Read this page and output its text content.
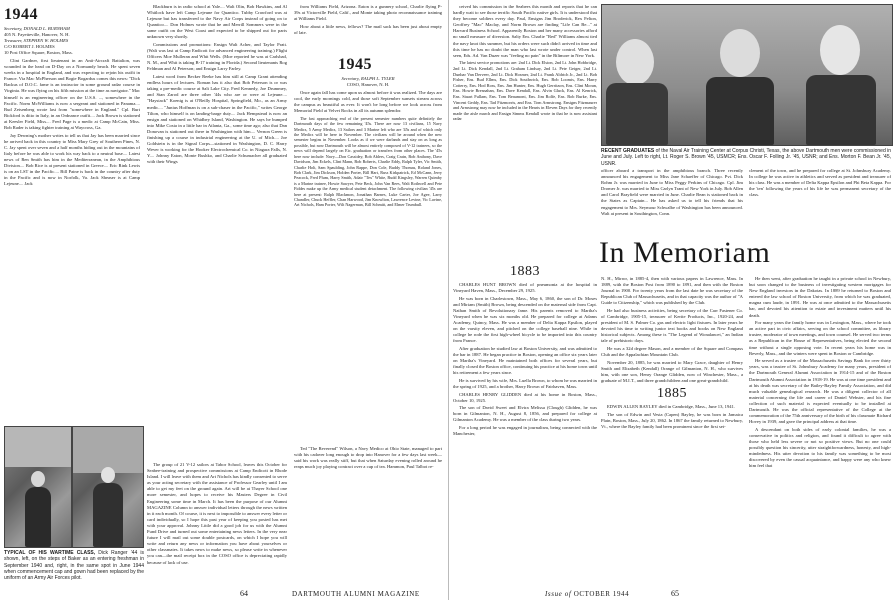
1944

Secretary, DONALD L. BURNHAM

405 N. Fayetteville, Hanover, N. H.

Treasurer, STEPHEN W. HOLMES

C/O ROBERT J. HOLMES

10 Post Office Square, Boston, Mass.

Clint Gardner, first lieutenant in an Anti-Aircraft Battalion, was wounded in the head on D-Day on a Normandy beach. He spent seven weeks in a hospital in England, and was expecting to rejoin his outfit in France. Via Mac McPherson and Bogie Bogardus comes this news: "Dick Backus of D.O.C. fame is an instructor in some ground radar course in Virginia. He was flying on his fifth mission at the time as navigator." Mac himself is an engineering officer on the U.S.S. ..., somewhere in the Pacific. Norm McWilliams is now a sergeant and stationed in Panama.... Bud Zeisenberg wrote last from "somewhere in England." Cpl. Burt Bickford is ditto in Italy, in an Ordnance outfit.... Jack Brown is stationed at Keesler Field, Miss.... Fred Page is a medic at Camp McCain, Miss. Bob Rader is taking fighter training at Waycross, Ga.

Jay Dewning's mother writes to tell us that Jay has been married since he arrived back in this country to Miss Mary Grey of Southern Pines, N. C. Jay spent over seven and a half months hiding out in the mountains of Italy before he was able to work his way back to a neutral base.... Latest news of Ren Smith has him in the Mediterranean, in the Amphibious Division.... Bob Rice is at present stationed in Greece.... Eric Rink Lewis is on an LST in the Pacific.... Bill Paine is back in the country after duty in the Pacific and is now in Norfolk, Va. Jack Sheaser is at Camp Lejeune.... Jack

Blackburn is in radio school at Yale.... Walt Olin, Bob Hawkins, and Al Whitlock have left Camp Lejeune for Quantico. Tubby Crawford was at Lejeune but has transferred to the Navy Air Corps instead of going on to Quantico.... Don Holmes wrote that he and Merrill Sommers were in the same outfit on the West Coast and expected to be shipped out for parts unknown very shortly.

Commissions and promotions: Ensign Walt Acher, and Taylor Pratt. (Walt was last at Camp Endicott for advanced engineering training.) Flight Officers Moe Mulleran and Whit Wells. (Moe reported he was at Carlsbad, N. M., and Whit is taking B-17 training in Florida.) Second lieutenants Rog Feldman and Al Peterson; and Ensign Larry Farley.

Latest word from Becker Reeke has him still at Camp Grant attending endless hours of lectures. Roman has it also that Bob Peterson is or was taking a pre-medic course at Salt Lake City. Fred Kennedy, Joe Drummey, and Stan Zarod are three other '44s who are or were at Lejeune.... "Haystack" Koenig is at O'Reilly Hospital, Springfield, Mo., as an Army medic.... "Junius Hoffman is on a sub-chaser in the Pacific," writes George Tilton, who himself is on landing-barge duty.... Jack Hempstead is now an ensign and stationed on Whidbey Island, Washington. He says he bumped into Mike Costa in a little bar in Atlanta, Ga., some time ago; also that Dan Donovan is stationed out there in Washington with him.... Vernon Green is finishing up a course in industrial engineering at the U. of Mich.... Joe Goldstein is in the Signal Corps—stationed in Washington, D. C. Harry Wever is working for the Hooker Electrochemical Co. in Niagara Falls, N. Y.... Johnny Eaton, Monte Bushko, and Charlie Schumacher all graduated with their Wings

from Williams Field, Arizona. Eaton is a gunnery school, Charlie flying P-39s at Victorville Field, Calif., and Monte taking photo reconnaissance training at Williams Field.

How about a little news, fellows? The mail sack has been just about empty of late.

1945

Secretary, RALPH L. TYLER

COSO, Hanover, N. H.

Once again fall has come upon us almost before it was realized. The days are cool, the early mornings cold, and those soft September sunsets stream across the campus as beautiful as ever. It won't be long before we look across from Memorial Field at Velvet Rocks in all its autumn splendor.

The fast approaching end of the present semester numbers quite definitely the Dartmouth days of the few remaining '45s. There are now 13 civilians, 15 Navy Medics, 5 Army Medics, 13 Sailors and 3 Marine left who are '45s and of which only the Medics will be here in November. The civilians will be around when the new semester begins in November. Looks as if we were darlands and stay on as long as possible, but now Dartmouth will be almost entirely composed of V-12 trainees, so the news will depend largely on Etc. graduation or transfers from other places. The '45s here now include: Navy—Don Cassidey, Bob Ablers, Craig Crain, Bob Anthony, Dave Davidson, Jim Eckels, Clint Mann, Bob Roberts, Charlie Eddy, Ralph Tyler, Vic Smith, Charlie Holt, Sam Spaulding, John Rappe, Don Cole, Buddy Thomas, Roland Jones, Bob Clark, Jim Dickson, Holden Porter, Bill Hart, Russ Kirkpatrick, Ed McCann, Jerry Peacock, Fred Plum, Harry Smith, Adair "Tex" White, Budd Kingsley, Warren Quimby is a Marine trainee, Howie Sawyer, Pete Beck, John Van Rees, Walt Rothwell and Pete Fiddes make up the Army medical student detachment. The following civilian '45s are here at present: Ralph Blackmon, Jonathan Barnes, Luke Carter, Joe Agee, Larry Chandler, Chuck Heffler, Chan Harwood, Jim Knowlton, Lawrence Levine, Vic Lavine, Art Nichols, Ham Porter, Wilt Nagerman, Bill Schmitt, and Elmer Trumbull.

The group of 21 V-12 sailors at Tabor School, leaves this October for Seabee-training and prospective commissions at Camp Endicott in Rhode Island. I will leave with them and Art Nichols has kindly consented to serve as your acting secretary with the assistance of Professor Gearley until I am able to get my feet on the ground again. Art will be at Thayer School one more semester, and hopes to receive his Masters Degree in Civil Engineering some time in March. It has been the purpose of our Alumni MAGAZINE Column to answer individual letters through the news written in it each month. Of course, it is next to impossible to answer every letter or card individually, so I hope this past year of keeping you posted has met with your approval. Johnny Little did a good job for us with the Alumni Fund Drive and turned out some entertaining news letters. In the very near future I will mail out some double postcards, on which I hope you will write and return any news or information you have about yourselves or other classmates. It takes news to make news, so please write in whenever you can—the mail receipt box in the COSO office is depreciating rapidly because of lack of use.

Ted "The Reverend" Wilson, a Navy Medico at Ohio State, managed to part with his cadaver long enough to drop into Hanover for a few days last week—said his work was really stiff, but that when Saturday evening rolled around he reaps much joy playing contract over a cup of tea. Hammon, Paul Talbot re-

TYPICAL OF HIS WARTIME CLASS, Dick Ranger '44 is shown, left, on the steps of Baker as an entering freshman in September 1940 and, right, in the same spot in June 1944 when commencement cap and gown had been replaced by the uniform of an Army Air Forces pilot.
64	DARTMOUTH ALUMNI MAGAZINE

ceived his commission in the Seabees this month and reports that he can hardly wait to see those terrific South Pacific native girls. It is understood that they become soldiers every day. Paul, Ensigns Jim Broderick, Rex Felton, Geoffrey "Mac" Maclay, and Norm Brown are finding "Life Can Be..." at Harvard Business School. Apparently Boston and her many accessories afford no small measure of diversion. Salty Em. Charlie "Red" Williams almost tied the navy knot this summer, but his orders were such didn't arrived in time and this time he has no doubt the man who last wrote under control. When last seen, Eds. Ad. Van Duzer was "feeling no pain" in the Biltmore in New York.

The latest service promotions are: 2nd Lt. Dick Elston, 2nd Lt. John Hobbridge, 2nd Lt. Dick Kendall, 2nd Lt. Graham Lindsay, 2nd Lt. Pete Geiger, 2nd Lt. Dunbar Van Derveer, 2nd Lt. Dick Hosmer, 2nd Lt. Frank Aldrich Jr., 2nd Lt. Bob Fisher, Ens. Bud Ellms, Ens. Dick Southwick, Ens. Bob Loomis, Ens. Harry Cotterry, Ens. Hod Ross, Ens. Jim Hunter, Ens. Hugh Gerritzon, Ens. Clint Moran, Ens. Howie Bresnahan, Ens. Dave Kendall, Ens. Alvin Gluck, Ens. Al Kenrick, Ens. Stuart Fullam, Ens. Tom Beaumont, Ens. Jim Rolfe, Ens. Bob Burke, Ens. Vincent Geddy, Ens. Tad Fitzmorris, and Ens. Tom Armstrong. Ensigns Fitzmaurer and Armstrong may now be included in the Hearts in Eleven Days for they recently made the aisle march and Ensign Simms Kendall wrote in that he is now assistant radar

RECENT GRADUATES of the Naval Air Training Center at Corpus Christi, Texas, the above Dartmouth men were commissioned in June and July. Left to right, Lt. Roger S. Brown '45, USMCR; Ens. Oscar F. Folling Jr. '45, USNR; and Ens. Morton F. Bean Jr. '45, USNR.

officer aboard a transport in the amphibious branch. Three recently announced his engagement to Miss Jane Schaeffer of Chicago. Pvt. Dick Rohm Jr. was married in June to Miss Peggy Perkins of Chicago. Cpl. Jim Dromer Jr. was married to Miss Carlyn Trant of New York in July. Bob Allen and Carol Brayfield were married in June. Charlie Bean is stationed back in the States as Captain... He has asked us to tell his friends that his engagement to Mrs. Seymour Schwalbe of Washington has been announced. Walt at present in Southington, Conn.

clement of the town, and he prepared for college at St. Johnsbury Academy. In college he was active in athletics and served as president and treasurer of his class. He was a member of Delta Kappa Epsilon and Phi Beta Kappa. For the 'ten' following the years of his life he was permanent secretary of the class.

In Memoriam
1883

CHARLES HUNT BROWN died of pneumonia at the hospital in Vineyard Haven, Mass., December 29, 1925.

He was born in Charlestown, Mass., May 6, 1860, the son of Dr. Moses and Miriam (Smith) Brown, being descended on the maternal side from Capt. Nathan Smith of Revolutionary fame. His parents removed to Martha's Vineyard when he was six months old. He prepared for college at Adams Academy, Quincy, Mass. He was a member of Delta Kappa Epsilon, played on the varsity eleven, and pitched on the college baseball nine. While in college he rode the first high-wheel bicycle to be imported into this country from France.

After graduation he studied law at Boston University, and was admitted to the bar in 1887. He began practice in Boston, opening an office six years later on Martha's Vineyard. He maintained both offices for several years, but finally closed the Boston office, continuing his practice at his home town until his retirement a few years since.

He is survived by his wife, Mrs. Luella Brown, to whom he was married in the spring of 1925, and a brother, Harry Brown of Fairhaven, Mass.

CHARLES HENRY GLIDDEN died at his home in Boston, Mass., October 10, 1925.

The son of David Sweet and Elvira Melissa (Clough) Glidden, he was born in Gilmanton, N. H., August 8, 1856, and prepared for college at Gilmanton Academy. He was a member of the class during two years.

For a long period he was engaged in journalism, being connected with the Manchester,

N. H., Mirror, in 1885-4, then with various papers in Lawrence, Mass. In 1889, with the Boston Post from 1890 to 1891, and then with the Boston Journal in 1900. For twenty years from the last date he was secretary of the Republican Club of Massachusetts, and in that capacity was the author of "A Guide to Citizenship," which was published by the Club.

He had also business activities, being secretary of the Carr Fastener Co. of Cambridge, 1905-15, treasurer of Kerite Products, Inc., 1920-24, and president of M. S. Palmer Co. gas and electric light fixtures. In later years he devoted his time to writing junior text books and books on New England historical subjects. Among these is "The Legend of Wonalancet," an Indian tale of prehistoric days.

He was a 32d degree Mason, and a member of the Square and Compass Club and the Appalachian Mountain Club.

November 20, 1885, he was married to Mary Grace, daughter of Henry Smith and Elizabeth (Kendall) Orange of Gilmanton, N. H., who survives him, with one son, Henry Orange Glidden, now of Winchester, Mass., a graduate of M.I.T., and three grandchildren and one great-grandchild.

1885

EDWIN ALLEN BAYLEY died in Cambridge, Mass., June 13, 1941.

The son of Edwin and Vesta (Capen) Bayley, he was born in Jamaica Plain, Boston, Mass., July 20, 1862. In 1867 the family returned to Newbury, Vt., where the Bayley family had been prominent since the first set-

He then went, after graduation he taught in a private school in Newbury, but soon changed to the business of investigating western mortgages for New England investors in the Dakotas. In 1889 he returned to Boston and entered the law school of Boston University, from which he was graduated, magna cum laude, in 1891. He was at once admitted to the Massachusetts bar, and devoted his attention to estate and investment matters until his death.

For many years the family home was in Lexington, Mass., where he took an active part in civic affairs, serving on the school committee, as library trustee, moderator of town meetings, and town counsel. He served two terms as a Republican in the House of Representatives, being elected the second time without a single opposing vote. In recent years his home was in Beverly, Mass., and the winters were spent in Boston or Cambridge.

He served as a trustee of the Massachusetts Savings Bank for over thirty years, was a trustee of St. Johnsbury Academy for many years, president of the Dartmouth General Alumni Association in 1914-15 and of the Boston Dartmouth Alumni Association in 1918-19. He was at one time president and at his death was secretary of the Bailey-Bayley Family Association, and did much valuable genealogical research. He was a diligent collector of all material concerning the life and career of Daniel Webster, and his fine collection of such material is expected eventually to be installed at Dartmouth. He was the official representative of the College at the commemoration of the 75th anniversary of the birth of his classmate Richard Hovey in 1939, and gave the principal address at that time.

A descendant on both sides of early colonial families, he was a conservative in politics and religion, and found it difficult to agree with those who held less severe or not so positive views. But no one could possibly question his sincerity, utter straightforwardness, honesty, and high-mindedness. His utter devotion to his family was something to be most discovered by even the casual acquaintance, and happy were any who knew him feel that

Issue of OCTOBER 1944	65
